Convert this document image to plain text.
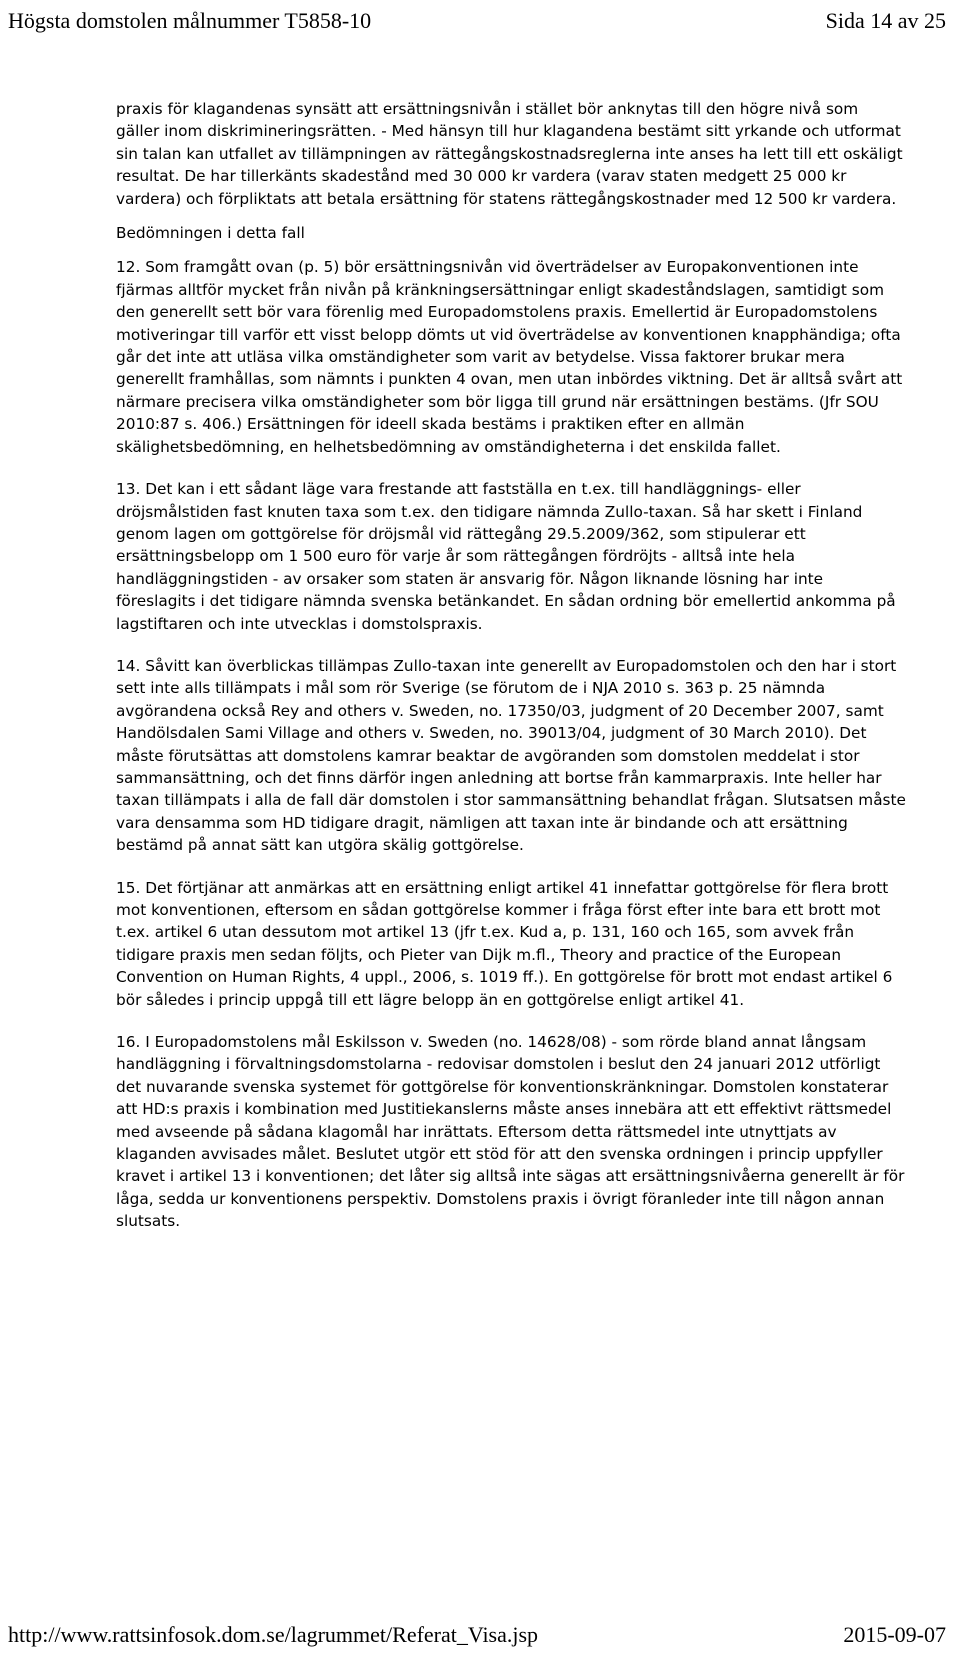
Högsta domstolen målnummer T5858-10	Sida 14 av 25

praxis för klagandenas synsätt att ersättningsnivån i stället bör anknytas till den högre nivå som gäller inom diskrimineringsrätten. - Med hänsyn till hur klagandena bestämt sitt yrkande och utformat sin talan kan utfallet av tillämpningen av rättegångskostnadsreglerna inte anses ha lett till ett oskäligt resultat. De har tillerkänts skadestånd med 30 000 kr vardera (varav staten medgett 25 000 kr vardera) och förpliktats att betala ersättning för statens rättegångskostnader med 12 500 kr vardera.

Bedömningen i detta fall

12. Som framgått ovan (p. 5) bör ersättningsnivån vid överträdelser av Europakonventionen inte fjärmas alltför mycket från nivån på kränkningsersättningar enligt skadeståndslagen, samtidigt som den generellt sett bör vara förenlig med Europadomstolens praxis. Emellertid är Europadomstolens motiveringar till varför ett visst belopp dömts ut vid överträdelse av konventionen knapphändiga; ofta går det inte att utläsa vilka omständigheter som varit av betydelse. Vissa faktorer brukar mera generellt framhållas, som nämnts i punkten 4 ovan, men utan inbördes viktning. Det är alltså svårt att närmare precisera vilka omständigheter som bör ligga till grund när ersättningen bestäms. (Jfr SOU 2010:87 s. 406.) Ersättningen för ideell skada bestäms i praktiken efter en allmän skälighetsbedömning, en helhetsbedömning av omständigheterna i det enskilda fallet.

13. Det kan i ett sådant läge vara frestande att fastställa en t.ex. till handläggnings- eller dröjsmålstiden fast knuten taxa som t.ex. den tidigare nämnda Zullo-taxan. Så har skett i Finland genom lagen om gottgörelse för dröjsmål vid rättegång 29.5.2009/362, som stipulerar ett ersättningsbelopp om 1 500 euro för varje år som rättegången fördröjts - alltså inte hela handläggningstiden - av orsaker som staten är ansvarig för. Någon liknande lösning har inte föreslagits i det tidigare nämnda svenska betänkandet. En sådan ordning bör emellertid ankomma på lagstiftaren och inte utvecklas i domstolspraxis.

14. Såvitt kan överblickas tillämpas Zullo-taxan inte generellt av Europadomstolen och den har i stort sett inte alls tillämpats i mål som rör Sverige (se förutom de i NJA 2010 s. 363 p. 25 nämnda avgörandena också Rey and others v. Sweden, no. 17350/03, judgment of 20 December 2007, samt Handölsdalen Sami Village and others v. Sweden, no. 39013/04, judgment of 30 March 2010). Det måste förutsättas att domstolens kamrar beaktar de avgöranden som domstolen meddelat i stor sammansättning, och det finns därför ingen anledning att bortse från kammarpraxis. Inte heller har taxan tillämpats i alla de fall där domstolen i stor sammansättning behandlat frågan. Slutsatsen måste vara densamma som HD tidigare dragit, nämligen att taxan inte är bindande och att ersättning bestämd på annat sätt kan utgöra skälig gottgörelse.

15. Det förtjänar att anmärkas att en ersättning enligt artikel 41 innefattar gottgörelse för flera brott mot konventionen, eftersom en sådan gottgörelse kommer i fråga först efter inte bara ett brott mot t.ex. artikel 6 utan dessutom mot artikel 13 (jfr t.ex. Kud a, p. 131, 160 och 165, som avvek från tidigare praxis men sedan följts, och Pieter van Dijk m.fl., Theory and practice of the European Convention on Human Rights, 4 uppl., 2006, s. 1019 ff.). En gottgörelse för brott mot endast artikel 6 bör således i princip uppgå till ett lägre belopp än en gottgörelse enligt artikel 41.

16. I Europadomstolens mål Eskilsson v. Sweden (no. 14628/08) - som rörde bland annat långsam handläggning i förvaltningsdomstolarna - redovisar domstolen i beslut den 24 januari 2012 utförligt det nuvarande svenska systemet för gottgörelse för konventionskränkningar. Domstolen konstaterar att HD:s praxis i kombination med Justitiekanslerns måste anses innebära att ett effektivt rättsmedel med avseende på sådana klagomål har inrättats. Eftersom detta rättsmedel inte utnyttjats av klaganden avvisades målet. Beslutet utgör ett stöd för att den svenska ordningen i princip uppfyller kravet i artikel 13 i konventionen; det låter sig alltså inte sägas att ersättningsnivåerna generellt är för låga, sedda ur konventionens perspektiv. Domstolens praxis i övrigt föranleder inte till någon annan slutsats.

http://www.rattsinfosok.dom.se/lagrummet/Referat_Visa.jsp	2015-09-07
